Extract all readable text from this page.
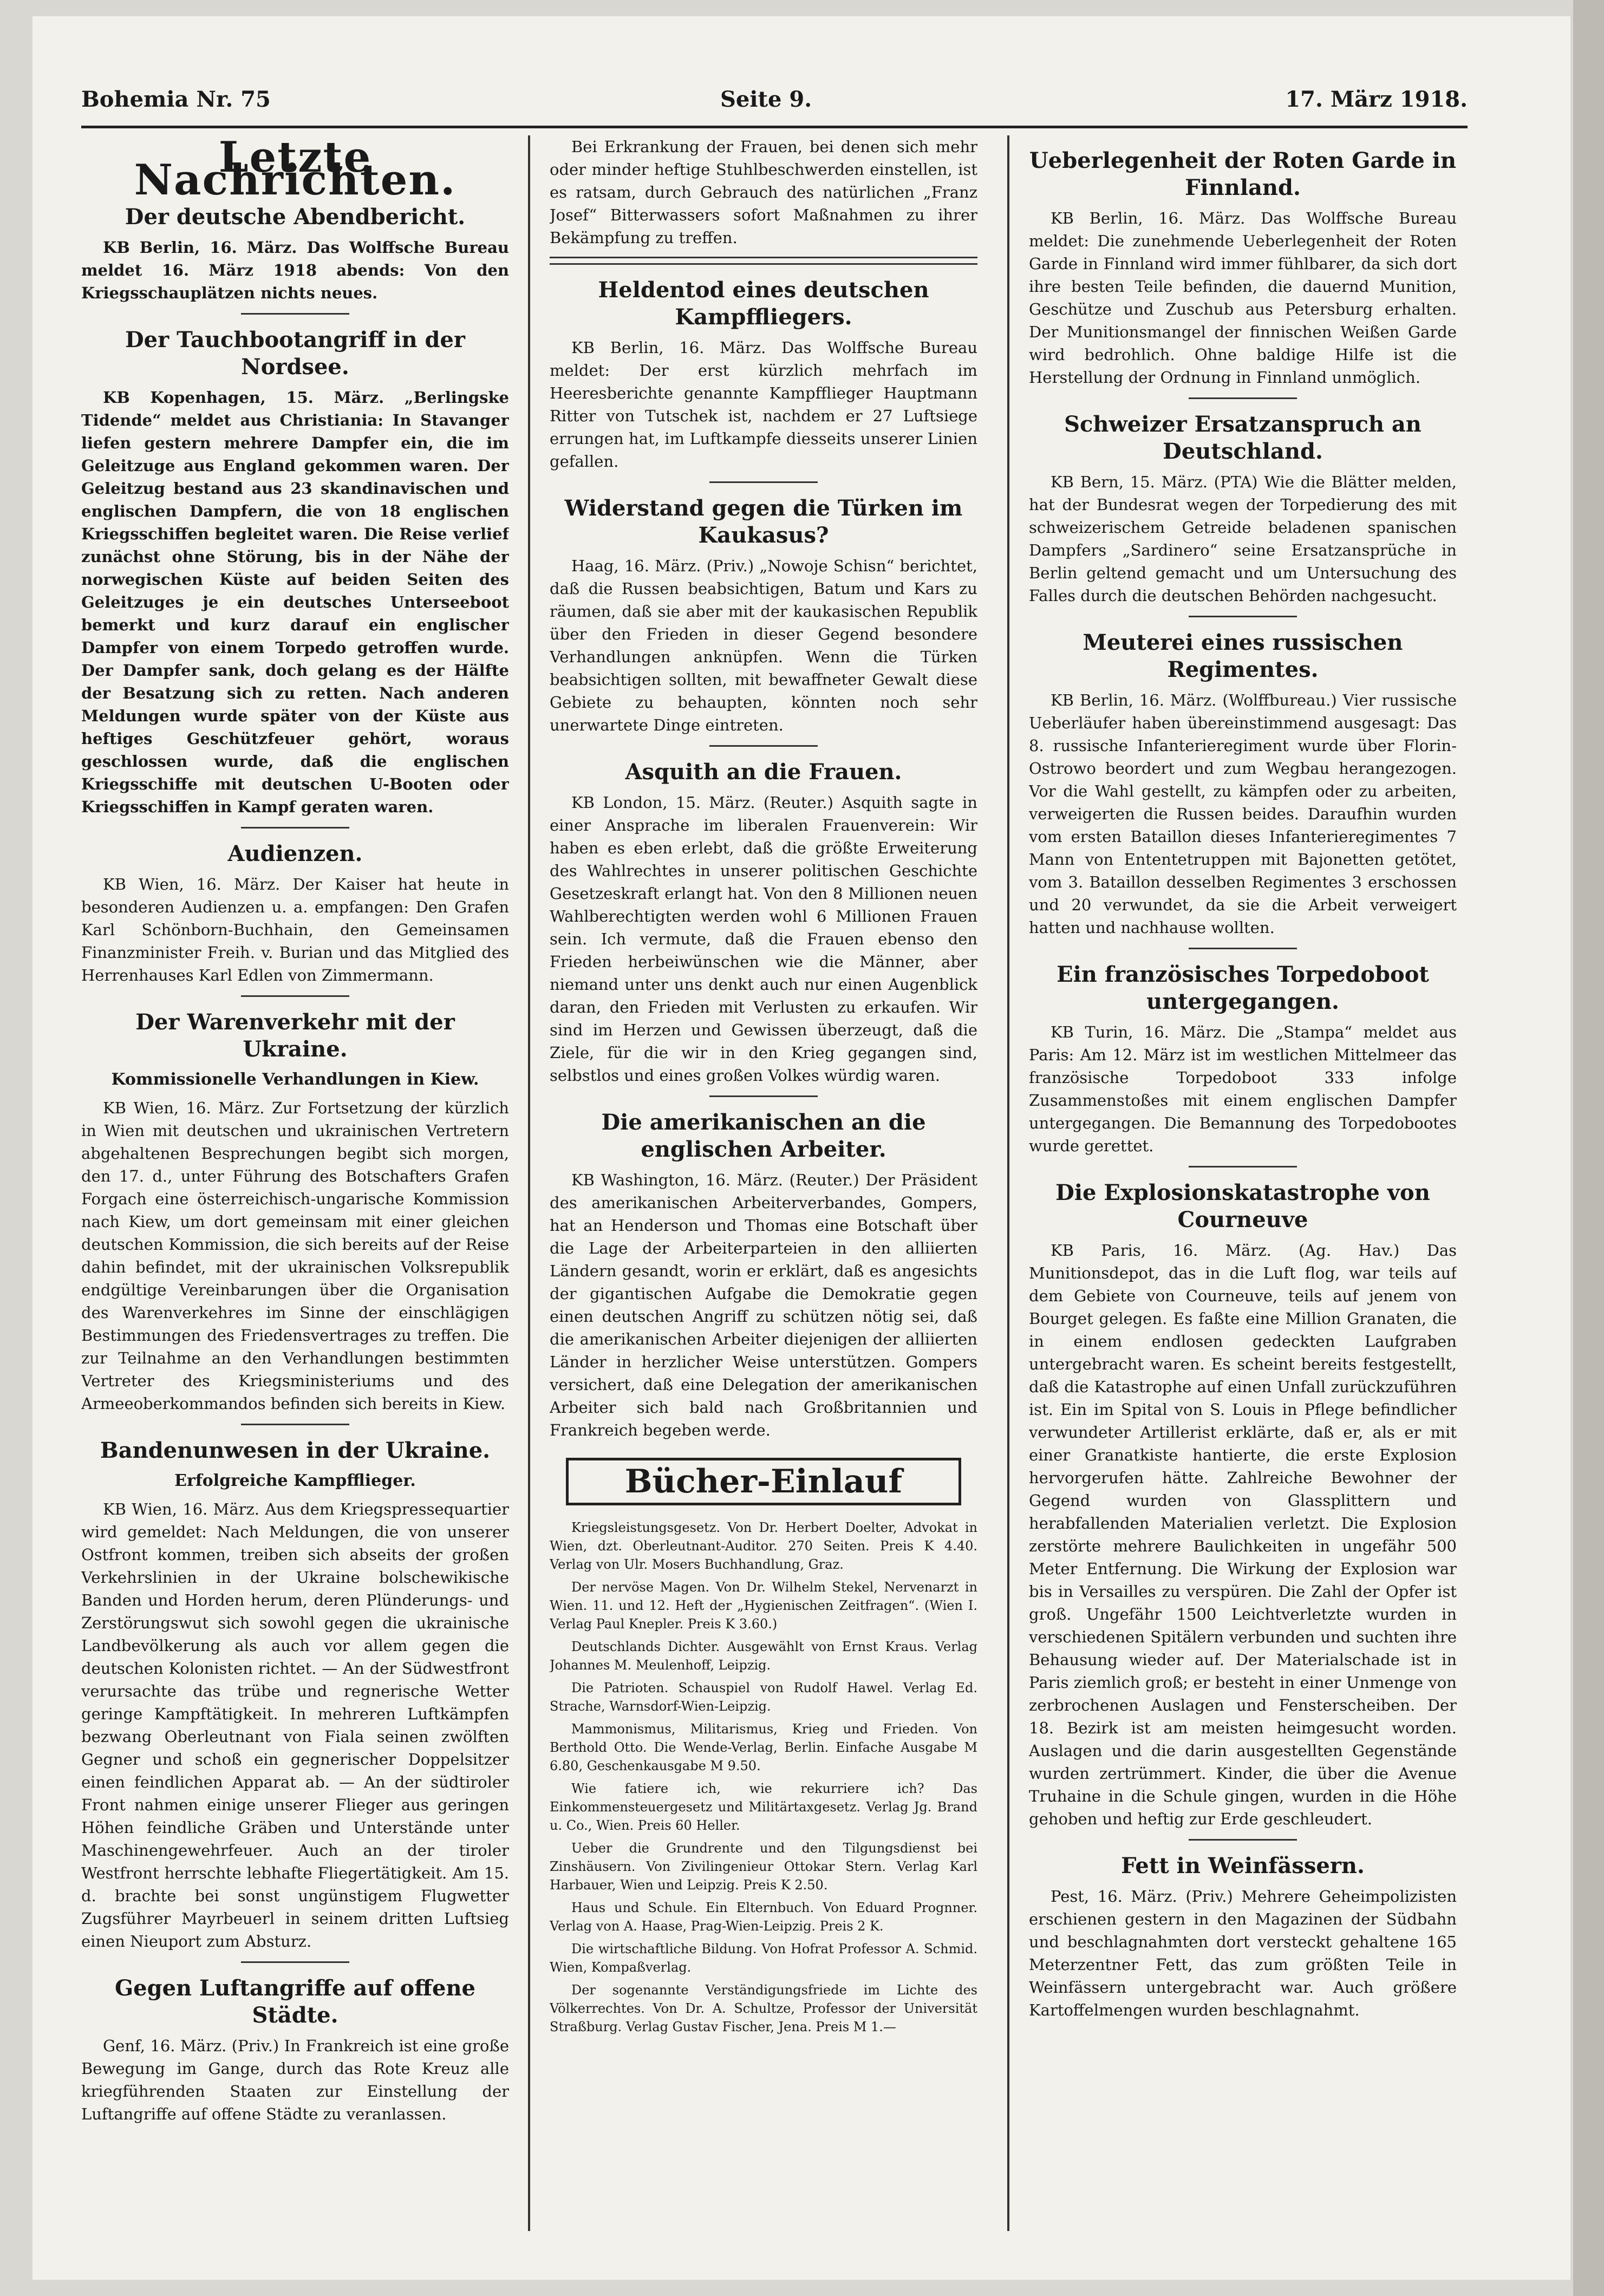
Bohemia Nr. 75	Seite 9.	17. März 1918.
Letzte Nachrichten.
Der deutsche Abendbericht.

KB Berlin, 16. März. Das Wolffsche Bureau meldet 16. März 1918 abends: Von den Kriegsschauplätzen nichts neues.

Der Tauchbootangriff in der Nordsee.

KB Kopenhagen, 15. März. „Berlingske Tidende“ meldet aus Christiania: In Stavanger liefen gestern mehrere Dampfer ein, die im Geleitzuge aus England gekommen waren. Der Geleitzug bestand aus 23 skandinavischen und englischen Dampfern, die von 18 englischen Kriegsschiffen begleitet waren. Die Reise verlief zunächst ohne Störung, bis in der Nähe der norwegischen Küste auf beiden Seiten des Geleitzuges je ein deutsches Unterseeboot bemerkt und kurz darauf ein englischer Dampfer von einem Torpedo getroffen wurde. Der Dampfer sank, doch gelang es der Hälfte der Besatzung sich zu retten. Nach anderen Meldungen wurde später von der Küste aus heftiges Geschützfeuer gehört, woraus geschlossen wurde, daß die englischen Kriegsschiffe mit deutschen U-Booten oder Kriegsschiffen in Kampf geraten waren.

Audienzen.

KB Wien, 16. März. Der Kaiser hat heute in besonderen Audienzen u. a. empfangen: Den Grafen Karl Schönborn-Buchhain, den Gemeinsamen Finanzminister Freih. v. Burian und das Mitglied des Herrenhauses Karl Edlen von Zimmermann.

Der Warenverkehr mit der Ukraine.
Kommissionelle Verhandlungen in Kiew.

KB Wien, 16. März. Zur Fortsetzung der kürzlich in Wien mit deutschen und ukrainischen Vertretern abgehaltenen Besprechungen begibt sich morgen, den 17. d., unter Führung des Botschafters Grafen Forgach eine österreichisch-ungarische Kommission nach Kiew, um dort gemeinsam mit einer gleichen deutschen Kommission, die sich bereits auf der Reise dahin befindet, mit der ukrainischen Volksrepublik endgültige Vereinbarungen über die Organisation des Warenverkehres im Sinne der einschlägigen Bestimmungen des Friedensvertrages zu treffen. Die zur Teilnahme an den Verhandlungen bestimmten Vertreter des Kriegsministeriums und des Armeeoberkommandos befinden sich bereits in Kiew.

Bandenunwesen in der Ukraine.
Erfolgreiche Kampfflieger.

KB Wien, 16. März. Aus dem Kriegspressequartier wird gemeldet: Nach Meldungen, die von unserer Ostfront kommen, treiben sich abseits der großen Verkehrslinien in der Ukraine bolschewikische Banden und Horden herum, deren Plünderungs- und Zerstörungswut sich sowohl gegen die ukrainische Landbevölkerung als auch vor allem gegen die deutschen Kolonisten richtet. — An der Südwestfront verursachte das trübe und regnerische Wetter geringe Kampftätigkeit. In mehreren Luftkämpfen bezwang Oberleutnant von Fiala seinen zwölften Gegner und schoß ein gegnerischer Doppelsitzer einen feindlichen Apparat ab. — An der südtiroler Front nahmen einige unserer Flieger aus geringen Höhen feindliche Gräben und Unterstände unter Maschinengewehrfeuer. Auch an der tiroler Westfront herrschte lebhafte Fliegertätigkeit. Am 15. d. brachte bei sonst ungünstigem Flugwetter Zugsführer Mayrbeuerl in seinem dritten Luftsieg einen Nieuport zum Absturz.

Gegen Luftangriffe auf offene Städte.

Genf, 16. März. (Priv.) In Frankreich ist eine große Bewegung im Gange, durch das Rote Kreuz alle kriegführenden Staaten zur Einstellung der Luftangriffe auf offene Städte zu veranlassen.

Bei Erkrankung der Frauen, bei denen sich mehr oder minder heftige Stuhlbeschwerden einstellen, ist es ratsam, durch Gebrauch des natürlichen „Franz Josef“ Bitterwassers sofort Maßnahmen zu ihrer Bekämpfung zu treffen.

Heldentod eines deutschen Kampffliegers.

KB Berlin, 16. März. Das Wolffsche Bureau meldet: Der erst kürzlich mehrfach im Heeresberichte genannte Kampfflieger Hauptmann Ritter von Tutschek ist, nachdem er 27 Luftsiege errungen hat, im Luftkampfe diesseits unserer Linien gefallen.

Widerstand gegen die Türken im Kaukasus?

Haag, 16. März. (Priv.) „Nowoje Schisn“ berichtet, daß die Russen beabsichtigen, Batum und Kars zu räumen, daß sie aber mit der kaukasischen Republik über den Frieden in dieser Gegend besondere Verhandlungen anknüpfen. Wenn die Türken beabsichtigen sollten, mit bewaffneter Gewalt diese Gebiete zu behaupten, könnten noch sehr unerwartete Dinge eintreten.

Asquith an die Frauen.

KB London, 15. März. (Reuter.) Asquith sagte in einer Ansprache im liberalen Frauenverein: Wir haben es eben erlebt, daß die größte Erweiterung des Wahlrechtes in unserer politischen Geschichte Gesetzeskraft erlangt hat. Von den 8 Millionen neuen Wahlberechtigten werden wohl 6 Millionen Frauen sein. Ich vermute, daß die Frauen ebenso den Frieden herbeiwünschen wie die Männer, aber niemand unter uns denkt auch nur einen Augenblick daran, den Frieden mit Verlusten zu erkaufen. Wir sind im Herzen und Gewissen überzeugt, daß die Ziele, für die wir in den Krieg gegangen sind, selbstlos und eines großen Volkes würdig waren.

Die amerikanischen an die englischen Arbeiter.

KB Washington, 16. März. (Reuter.) Der Präsident des amerikanischen Arbeiterverbandes, Gompers, hat an Henderson und Thomas eine Botschaft über die Lage der Arbeiterparteien in den alliierten Ländern gesandt, worin er erklärt, daß es angesichts der gigantischen Aufgabe die Demokratie gegen einen deutschen Angriff zu schützen nötig sei, daß die amerikanischen Arbeiter diejenigen der alliierten Länder in herzlicher Weise unterstützen. Gompers versichert, daß eine Delegation der amerikanischen Arbeiter sich bald nach Großbritannien und Frankreich begeben werde.

Bücher-Einlauf

Kriegsleistungsgesetz. Von Dr. Herbert Doelter, Advokat in Wien, dzt. Oberleutnant-Auditor. 270 Seiten. Preis K 4.40. Verlag von Ulr. Mosers Buchhandlung, Graz.

Der nervöse Magen. Von Dr. Wilhelm Stekel, Nervenarzt in Wien. 11. und 12. Heft der „Hygienischen Zeitfragen“. (Wien I. Verlag Paul Knepler. Preis K 3.60.)

Deutschlands Dichter. Ausgewählt von Ernst Kraus. Verlag Johannes M. Meulenhoff, Leipzig.

Die Patrioten. Schauspiel von Rudolf Hawel. Verlag Ed. Strache, Warnsdorf-Wien-Leipzig.

Mammonismus, Militarismus, Krieg und Frieden. Von Berthold Otto. Die Wende-Verlag, Berlin. Einfache Ausgabe M 6.80, Geschenkausgabe M 9.50.

Wie fatiere ich, wie rekurriere ich? Das Einkommensteuergesetz und Militärtaxgesetz. Verlag Jg. Brand u. Co., Wien. Preis 60 Heller.

Ueber die Grundrente und den Tilgungsdienst bei Zinshäusern. Von Zivilingenieur Ottokar Stern. Verlag Karl Harbauer, Wien und Leipzig. Preis K 2.50.

Haus und Schule. Ein Elternbuch. Von Eduard Prognner. Verlag von A. Haase, Prag-Wien-Leipzig. Preis 2 K.

Die wirtschaftliche Bildung. Von Hofrat Professor A. Schmid. Wien, Kompaßverlag.

Der sogenannte Verständigungsfriede im Lichte des Völkerrechtes. Von Dr. A. Schultze, Professor der Universität Straßburg. Verlag Gustav Fischer, Jena. Preis M 1.—

Ueberlegenheit der Roten Garde in Finnland.

KB Berlin, 16. März. Das Wolffsche Bureau meldet: Die zunehmende Ueberlegenheit der Roten Garde in Finnland wird immer fühlbarer, da sich dort ihre besten Teile befinden, die dauernd Munition, Geschütze und Zuschub aus Petersburg erhalten. Der Munitionsmangel der finnischen Weißen Garde wird bedrohlich. Ohne baldige Hilfe ist die Herstellung der Ordnung in Finnland unmöglich.

Schweizer Ersatzanspruch an Deutschland.

KB Bern, 15. März. (PTA) Wie die Blätter melden, hat der Bundesrat wegen der Torpedierung des mit schweizerischem Getreide beladenen spanischen Dampfers „Sardinero“ seine Ersatzansprüche in Berlin geltend gemacht und um Untersuchung des Falles durch die deutschen Behörden nachgesucht.

Meuterei eines russischen Regimentes.

KB Berlin, 16. März. (Wolffbureau.) Vier russische Ueberläufer haben übereinstimmend ausgesagt: Das 8. russische Infanterieregiment wurde über Florin-Ostrowo beordert und zum Wegbau herangezogen. Vor die Wahl gestellt, zu kämpfen oder zu arbeiten, verweigerten die Russen beides. Daraufhin wurden vom ersten Bataillon dieses Infanterieregimentes 7 Mann von Ententetruppen mit Bajonetten getötet, vom 3. Bataillon desselben Regimentes 3 erschossen und 20 verwundet, da sie die Arbeit verweigert hatten und nachhause wollten.

Ein französisches Torpedoboot untergegangen.

KB Turin, 16. März. Die „Stampa“ meldet aus Paris: Am 12. März ist im westlichen Mittelmeer das französische Torpedoboot 333 infolge Zusammenstoßes mit einem englischen Dampfer untergegangen. Die Bemannung des Torpedobootes wurde gerettet.

Die Explosionskatastrophe von Courneuve

KB Paris, 16. März. (Ag. Hav.) Das Munitionsdepot, das in die Luft flog, war teils auf dem Gebiete von Courneuve, teils auf jenem von Bourget gelegen. Es faßte eine Million Granaten, die in einem endlosen gedeckten Laufgraben untergebracht waren. Es scheint bereits festgestellt, daß die Katastrophe auf einen Unfall zurückzuführen ist. Ein im Spital von S. Louis in Pflege befindlicher verwundeter Artillerist erklärte, daß er, als er mit einer Granatkiste hantierte, die erste Explosion hervorgerufen hätte. Zahlreiche Bewohner der Gegend wurden von Glassplittern und herabfallenden Materialien verletzt. Die Explosion zerstörte mehrere Baulichkeiten in ungefähr 500 Meter Entfernung. Die Wirkung der Explosion war bis in Versailles zu verspüren. Die Zahl der Opfer ist groß. Ungefähr 1500 Leichtverletzte wurden in verschiedenen Spitälern verbunden und suchten ihre Behausung wieder auf. Der Materialschade ist in Paris ziemlich groß; er besteht in einer Unmenge von zerbrochenen Auslagen und Fensterscheiben. Der 18. Bezirk ist am meisten heimgesucht worden. Auslagen und die darin ausgestellten Gegenstände wurden zertrümmert. Kinder, die über die Avenue Truhaine in die Schule gingen, wurden in die Höhe gehoben und heftig zur Erde geschleudert.

Fett in Weinfässern.

Pest, 16. März. (Priv.) Mehrere Geheimpolizisten erschienen gestern in den Magazinen der Südbahn und beschlagnahmten dort versteckt gehaltene 165 Meterzentner Fett, das zum größten Teile in Weinfässern untergebracht war. Auch größere Kartoffelmengen wurden beschlagnahmt.
